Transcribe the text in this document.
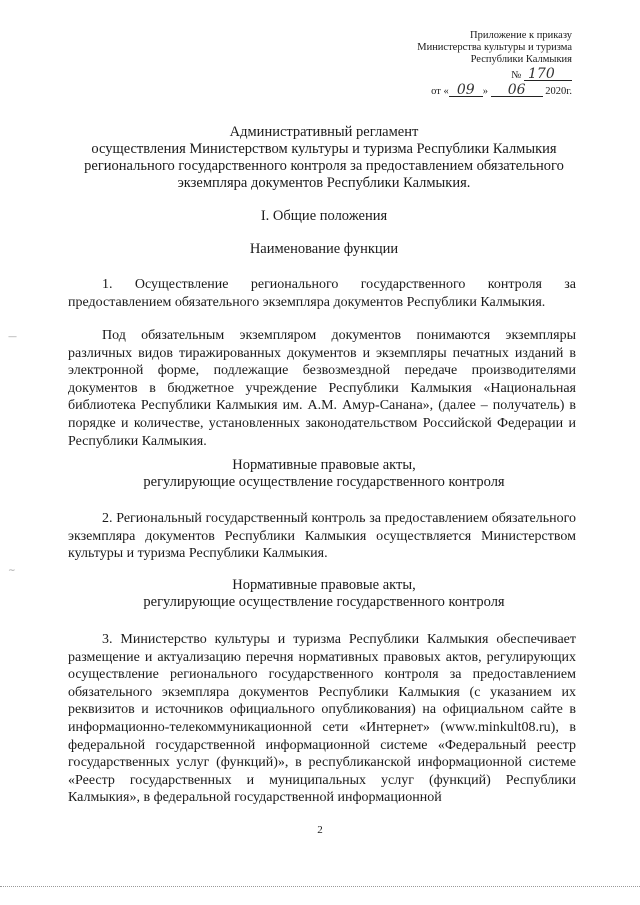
Приложение к приказу
Министерства культуры и туризма
Республики Калмыкия
№ 170
от « 09 » 06 2020г.
Административный регламент
осуществления Министерством культуры и туризма Республики Калмыкия
регионального государственного контроля за предоставлением обязательного
экземпляра документов Республики Калмыкия.
I. Общие положения
Наименование функции
1. Осуществление регионального государственного контроля за предоставлением обязательного экземпляра документов Республики Калмыкия.
Под обязательным экземпляром документов понимаются экземпляры различных видов тиражированных документов и экземпляры печатных изданий в электронной форме, подлежащие безвозмездной передаче производителями документов в бюджетное учреждение Республики Калмыкия «Национальная библиотека Республики Калмыкия им. А.М. Амур-Санана», (далее – получатель) в порядке и количестве, установленных законодательством Российской Федерации и Республики Калмыкия.
Нормативные правовые акты,
регулирующие осуществление государственного контроля
2. Региональный государственный контроль за предоставлением обязательного экземпляра документов Республики Калмыкия осуществляется Министерством культуры и туризма Республики Калмыкия.
Нормативные правовые акты,
регулирующие осуществление государственного контроля
3. Министерство культуры и туризма Республики Калмыкия обеспечивает размещение и актуализацию перечня нормативных правовых актов, регулирующих осуществление регионального государственного контроля за предоставлением обязательного экземпляра документов Республики Калмыкия (с указанием их реквизитов и источников официального опубликования) на официальном сайте в информационно-телекоммуникационной сети «Интернет» (www.minkult08.ru), в федеральной государственной информационной системе «Федеральный реестр государственных услуг (функций)», в республиканской информационной системе «Реестр государственных и муниципальных услуг (функций) Республики Калмыкия», в федеральной государственной информационной
2
—
~
